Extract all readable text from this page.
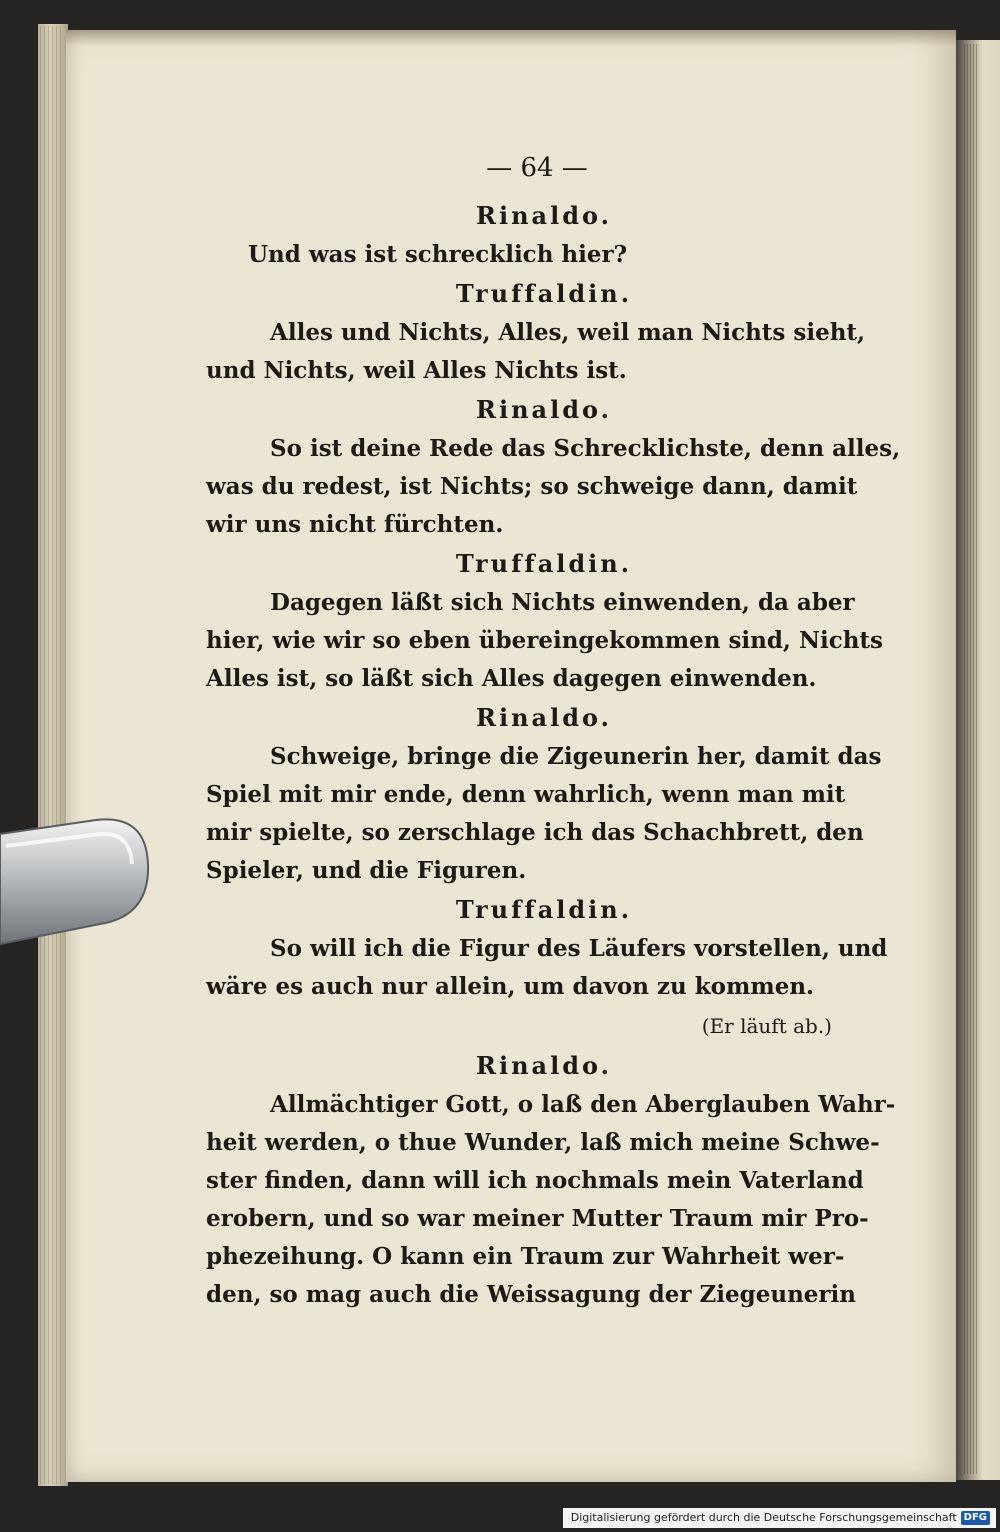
— 64 —
Rinaldo.
Und was ist schrecklich hier?
Truffaldin.
Alles und Nichts, Alles, weil man Nichts sieht,
und Nichts, weil Alles Nichts ist.
Rinaldo.
So ist deine Rede das Schrecklichste, denn alles,
was du redest, ist Nichts; so schweige dann, damit
wir uns nicht fürchten.
Truffaldin.
Dagegen läßt sich Nichts einwenden, da aber
hier, wie wir so eben übereingekommen sind, Nichts
Alles ist, so läßt sich Alles dagegen einwenden.
Rinaldo.
Schweige, bringe die Zigeunerin her, damit das
Spiel mit mir ende, denn wahrlich, wenn man mit
mir spielte, so zerschlage ich das Schachbrett, den
Spieler, und die Figuren.
Truffaldin.
So will ich die Figur des Läufers vorstellen, und
wäre es auch nur allein, um davon zu kommen.
(Er läuft ab.)
Rinaldo.
Allmächtiger Gott, o laß den Aberglauben Wahr-
heit werden, o thue Wunder, laß mich meine Schwe-
ster finden, dann will ich nochmals mein Vaterland
erobern, und so war meiner Mutter Traum mir Pro-
phezeihung. O kann ein Traum zur Wahrheit wer-
den, so mag auch die Weissagung der Ziegeunerin
Digitalisierung gefördert durch die Deutsche Forschungsgemeinschaft DFG
